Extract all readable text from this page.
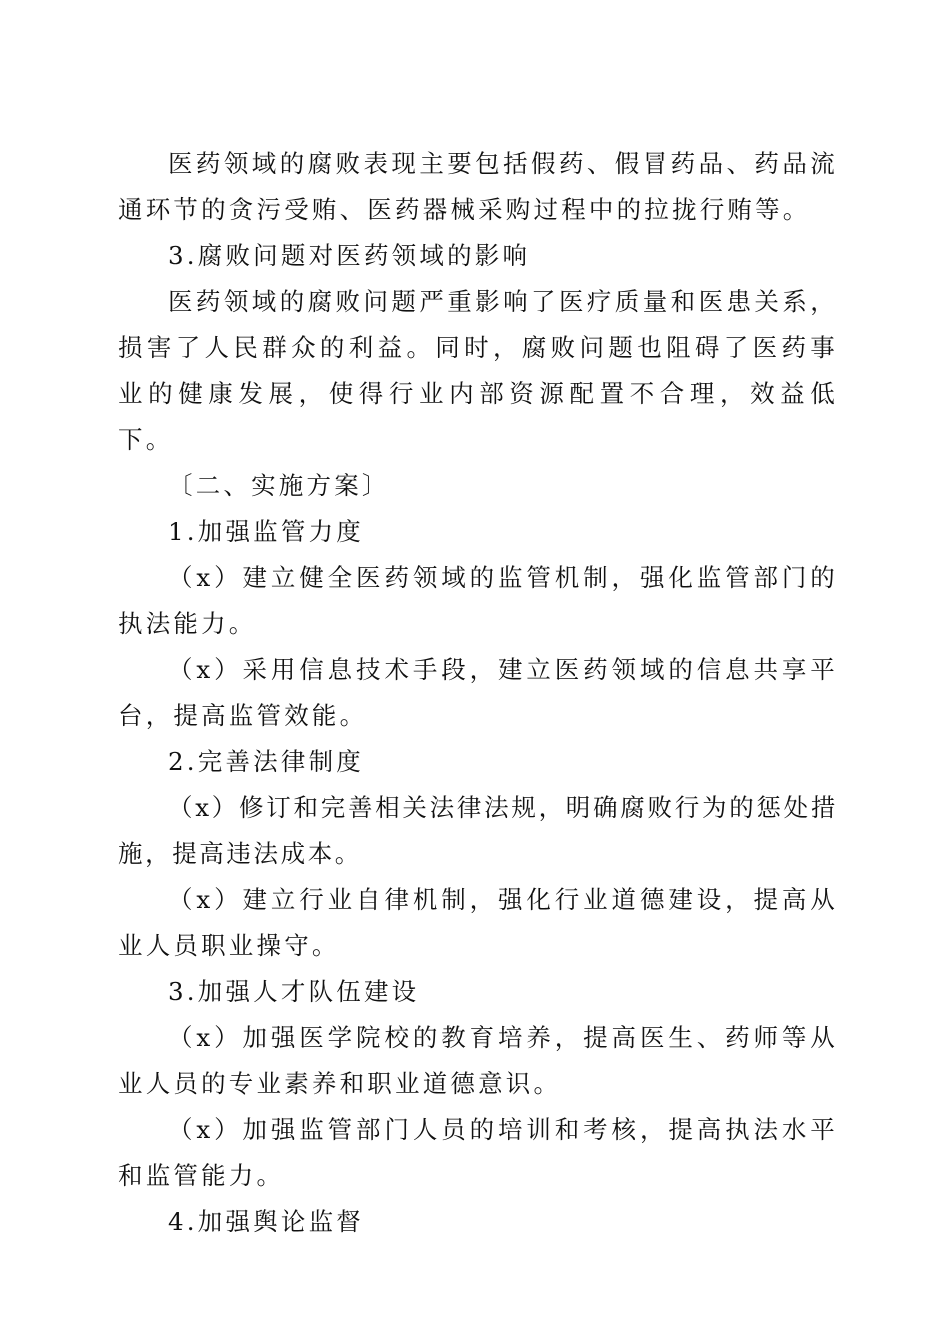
医药领域的腐败表现主要包括假药、假冒药品、药品流通环节的贪污受贿、医药器械采购过程中的拉拢行贿等。

3.腐败问题对医药领域的影响

医药领域的腐败问题严重影响了医疗质量和医患关系，损害了人民群众的利益。同时，腐败问题也阻碍了医药事业的健康发展，使得行业内部资源配置不合理，效益低下。

〔二、实施方案〕

1.加强监管力度

（x）建立健全医药领域的监管机制，强化监管部门的执法能力。

（x）采用信息技术手段，建立医药领域的信息共享平台，提高监管效能。

2.完善法律制度

（x）修订和完善相关法律法规，明确腐败行为的惩处措施，提高违法成本。

（x）建立行业自律机制，强化行业道德建设，提高从业人员职业操守。

3.加强人才队伍建设

（x）加强医学院校的教育培养，提高医生、药师等从业人员的专业素养和职业道德意识。

（x）加强监管部门人员的培训和考核，提高执法水平和监管能力。

4.加强舆论监督
